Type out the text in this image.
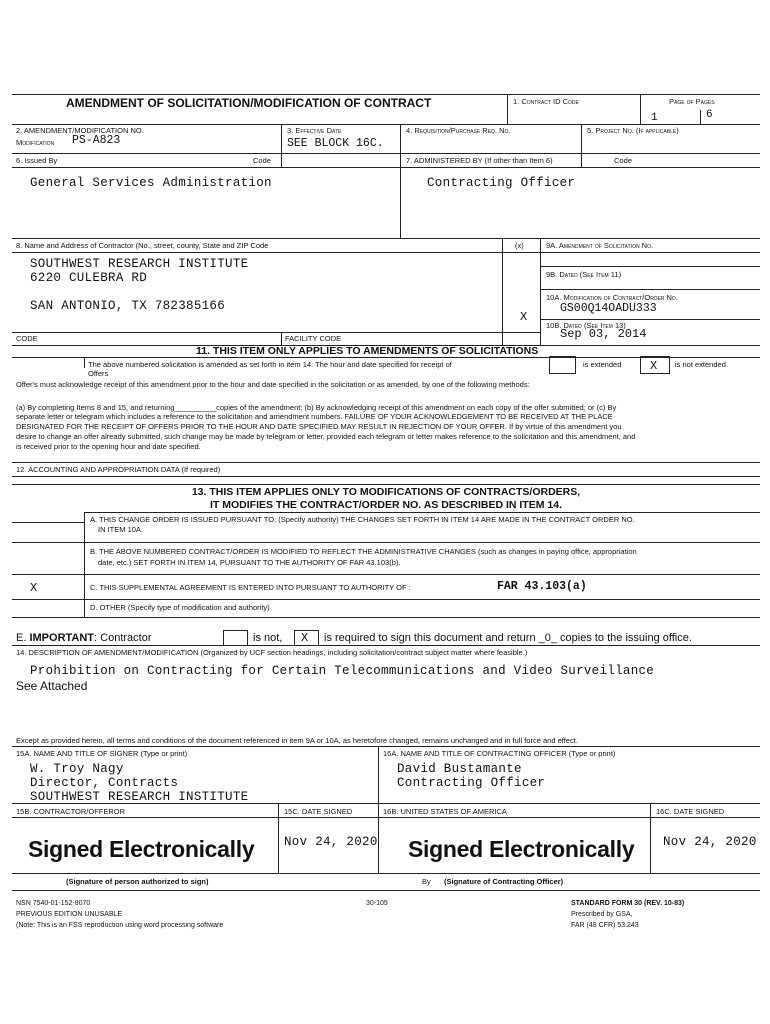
AMENDMENT OF SOLICITATION/MODIFICATION OF CONTRACT	1. Contract ID Code	Page of Pages
1	6
2. AMENDMENT/MODIFICATION NO.
Modification PS-A823
3. Effective Date
SEE BLOCK 16C.
4. Requisition/Purchase Req. No.	5. Project No. (If applicable)
6. Issued By	Code
General Services Administration
7. ADMINISTERED BY (If other than Item 6)	Code
Contracting Officer
8. Name and Address of Contractor (No., street, county, State and ZIP Code
SOUTHWEST RESEARCH INSTITUTE
6220 CULEBRA RD
SAN ANTONIO, TX 782385166
(x)	9A. Amendment of Solicitation No.
9B. Dated (See Item 11)
10A. Modification of Contract/Order No.
GS00Q14OADU333
X
10B. Dated (See Item 13)
Sep 03, 2014
CODE	FACILITY CODE
11. THIS ITEM ONLY APPLIES TO AMENDMENTS OF SOLICITATIONS
The above numbered solicitation is amended as set forth in item 14. The hour and date specified for receipt of
Offers
is extended X is not extended.
Offer's must acknowledge receipt of this amendment prior to the hour and date specified in the solicitation or as amended, by one of the following methods:
(a) By completing Items 8 and 15, and returning__________copies of the amendment; (b) By acknowledging receipt of this amendment on each copy of the offer submitted; or (c) By
separate letter or telegram which includes a reference to the solicitation and amendment numbers. FAILURE OF YOUR ACKNOWLEDGEMENT TO BE RECEIVED AT THE PLACE
DESIGNATED FOR THE RECEIPT OF OFFERS PRIOR TO THE HOUR AND DATE SPECIFIED MAY RESULT IN REJECTION OF YOUR OFFER. If by virtue of this amendment you
desire to change an offer already submitted, such change may be made by telegram or letter, provided each telegram or letter makes reference to the solicitation and this amendment, and
is received prior to the opening hour and date specified.
12. ACCOUNTING AND APPROPRIATION DATA (If required)
13. THIS ITEM APPLIES ONLY TO MODIFICATIONS OF CONTRACTS/ORDERS,
IT MODIFIES THE CONTRACT/ORDER NO. AS DESCRIBED IN ITEM 14.
A. THIS CHANGE ORDER IS ISSUED PURSUANT TO: (Specify authority) THE CHANGES SET FORTH IN ITEM 14 ARE MADE IN THE CONTRACT ORDER NO.
IN ITEM 10A.
B. THE ABOVE NUMBERED CONTRACT/ORDER IS MODIFIED TO REFLECT THE ADMINISTRATIVE CHANGES (such as changes in paying office, appropriation
date, etc.) SET FORTH IN ITEM 14, PURSUANT TO THE AUTHORITY OF FAR 43.103(b).
X	C. THIS SUPPLEMENTAL AGREEMENT IS ENTERED INTO PURSUANT TO AUTHORITY OF :	FAR 43.103(a)
D. OTHER (Specify type of modification and authority)
E. IMPORTANT: Contractor	is not, X is required to sign this document and return _0_ copies to the issuing office.
14. DESCRIPTION OF AMENDMENT/MODIFICATION (Organized by UCF section headings, including solicitation/contract subject matter where feasible.)
Prohibition on Contracting for Certain Telecommunications and Video Surveillance
See Attached
Except as provided herein, all terms and conditions of the document referenced in item 9A or 10A, as heretofore changed, remains unchanged and in full force and effect.
15A. NAME AND TITLE OF SIGNER (Type or print)
W. Troy Nagy
Director, Contracts
SOUTHWEST RESEARCH INSTITUTE
16A. NAME AND TITLE OF CONTRACTING OFFICER (Type or print)
David Bustamante
Contracting Officer
15B. CONTRACTOR/OFFEROR	15C. DATE SIGNED	16B. UNITED STATES OF AMERICA	16C. DATE SIGNED
Signed Electronically Nov 24, 2020 Signed Electronically Nov 24, 2020
(Signature of person authorized to sign)	By (Signature of Contracting Officer)
NSN 7540-01-152-8070
PREVIOUS EDITION UNUSABLE
(Note: This is an FSS reproduction using word processing software
30-105	STANDARD FORM 30 (REV. 10-83)
Prescribed by GSA,
FAR (48 CFR) 53.243
